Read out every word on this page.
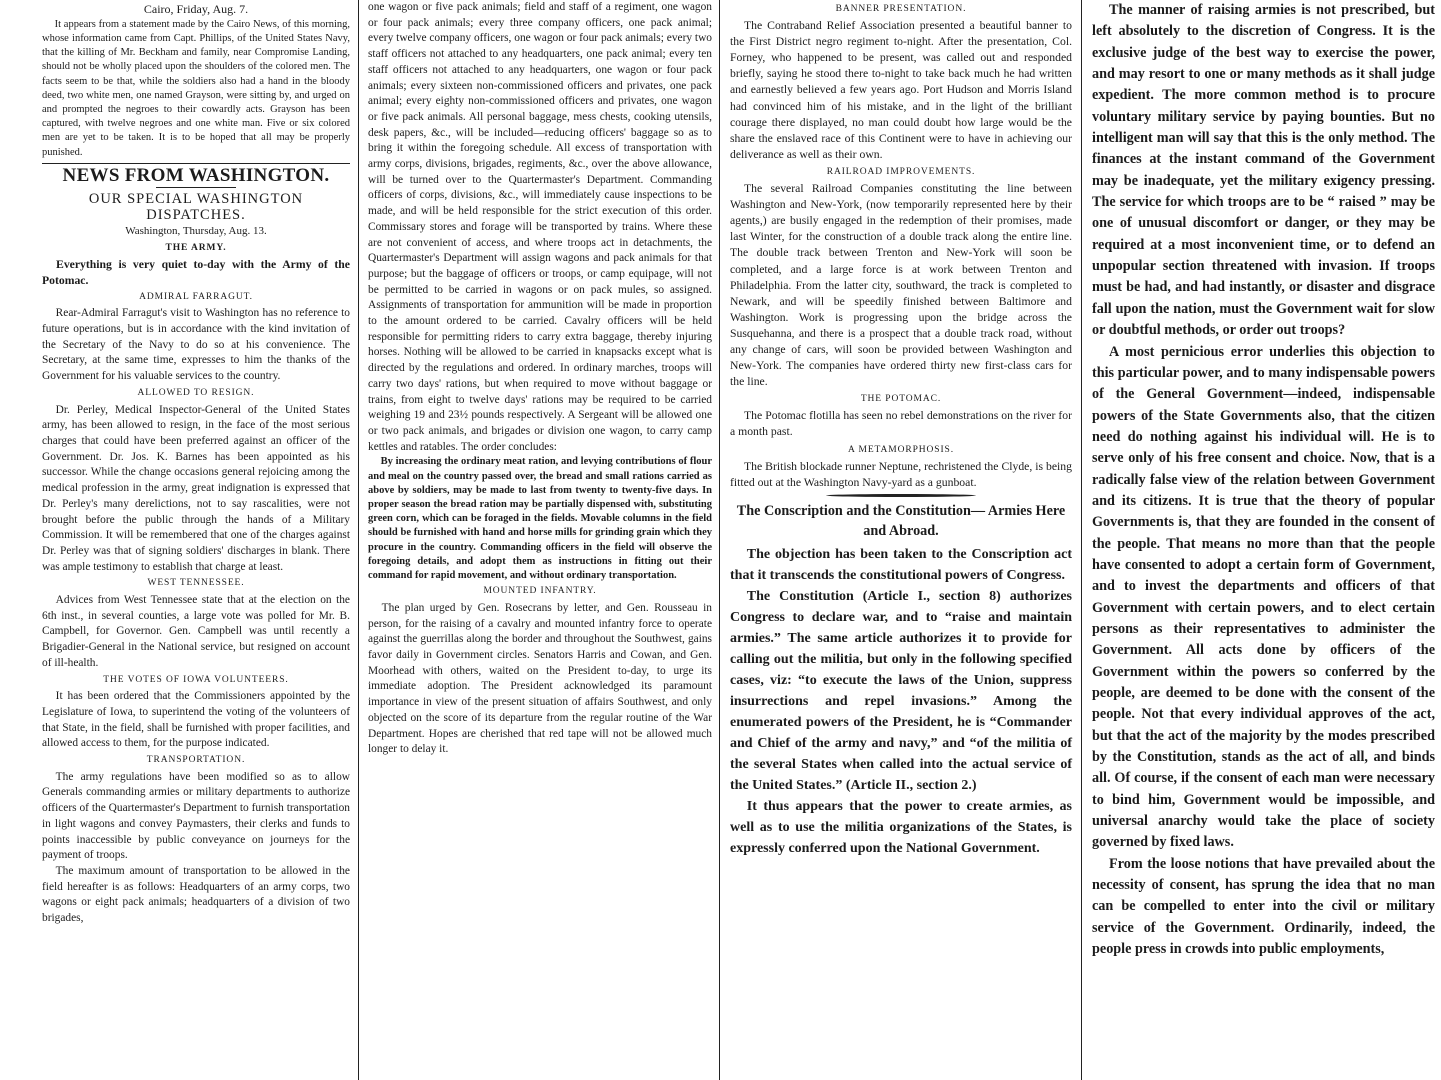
Cairo, Friday, Aug. 7.

It appears from a statement made by the Cairo News, of this morning, whose information came from Capt. Phillips, of the United States Navy, that the killing of Mr. Beckham and family, near Compromise Landing, should not be wholly placed upon the shoulders of the colored men. The facts seem to be that, while the soldiers also had a hand in the bloody deed, two white men, one named Grayson, were sitting by, and urged on and prompted the negroes to their cowardly acts. Grayson has been captured, with twelve negroes and one white man. Five or six colored men are yet to be taken. It is to be hoped that all may be properly punished.

NEWS FROM WASHINGTON.

OUR SPECIAL WASHINGTON DISPATCHES.

Washington, Thursday, Aug. 13.

THE ARMY.

Everything is very quiet to-day with the Army of the Potomac.

ADMIRAL FARRAGUT.

Rear-Admiral Farragut's visit to Washington has no reference to future operations, but is in accordance with the kind invitation of the Secretary of the Navy to do so at his convenience. The Secretary, at the same time, expresses to him the thanks of the Government for his valuable services to the country.

ALLOWED TO RESIGN.

Dr. Perley, Medical Inspector-General of the United States army, has been allowed to resign, in the face of the most serious charges that could have been preferred against an officer of the Government. Dr. Jos. K. Barnes has been appointed as his successor. While the change occasions general rejoicing among the medical profession in the army, great indignation is expressed that Dr. Perley's many derelictions, not to say rascalities, were not brought before the public through the hands of a Military Commission. It will be remembered that one of the charges against Dr. Perley was that of signing soldiers' discharges in blank. There was ample testimony to establish that charge at least.

WEST TENNESSEE.

Advices from West Tennessee state that at the election on the 6th inst., in several counties, a large vote was polled for Mr. B. Campbell, for Governor. Gen. Campbell was until recently a Brigadier-General in the National service, but resigned on account of ill-health.

THE VOTES OF IOWA VOLUNTEERS.

It has been ordered that the Commissioners appointed by the Legislature of Iowa, to superintend the voting of the volunteers of that State, in the field, shall be furnished with proper facilities, and allowed access to them, for the purpose indicated.

TRANSPORTATION.

The army regulations have been modified so as to allow Generals commanding armies or military departments to authorize officers of the Quartermaster's Department to furnish transportation in light wagons and convey Paymasters, their clerks and funds to points inaccessible by public conveyance on journeys for the payment of troops.

The maximum amount of transportation to be allowed in the field hereafter is as follows: Headquarters of an army corps, two wagons or eight pack animals; headquarters of a division of two brigades,

one wagon or five pack animals; field and staff of a regiment, one wagon or four pack animals; every three company officers, one pack animal; every twelve company officers, one wagon or four pack animals; every two staff officers not attached to any headquarters, one pack animal; every ten staff officers not attached to any headquarters, one wagon or four pack animals; every sixteen non-commissioned officers and privates, one pack animal; every eighty non-commissioned officers and privates, one wagon or five pack animals. All personal baggage, mess chests, cooking utensils, desk papers, &c., will be included—reducing officers' baggage so as to bring it within the foregoing schedule. All excess of transportation with army corps, divisions, brigades, regiments, &c., over the above allowance, will be turned over to the Quartermaster's Department. Commanding officers of corps, divisions, &c., will immediately cause inspections to be made, and will be held responsible for the strict execution of this order. Commissary stores and forage will be transported by trains. Where these are not convenient of access, and where troops act in detachments, the Quartermaster's Department will assign wagons and pack animals for that purpose; but the baggage of officers or troops, or camp equipage, will not be permitted to be carried in wagons or on pack mules, so assigned. Assignments of transportation for ammunition will be made in proportion to the amount ordered to be carried. Cavalry officers will be held responsible for permitting riders to carry extra baggage, thereby injuring horses. Nothing will be allowed to be carried in knapsacks except what is directed by the regulations and ordered. In ordinary marches, troops will carry two days' rations, but when required to move without baggage or trains, from eight to twelve days' rations may be required to be carried weighing 19 and 23½ pounds respectively. A Sergeant will be allowed one or two pack animals, and brigades or division one wagon, to carry camp kettles and ratables. The order concludes:

By increasing the ordinary meat ration, and levying contributions of flour and meal on the country passed over, the bread and small rations carried as above by soldiers, may be made to last from twenty to twenty-five days. In proper season the bread ration may be partially dispensed with, substituting green corn, which can be foraged in the fields. Movable columns in the field should be furnished with hand and horse mills for grinding grain which they procure in the country. Commanding officers in the field will observe the foregoing details, and adopt them as instructions in fitting out their command for rapid movement, and without ordinary transportation.

MOUNTED INFANTRY.

The plan urged by Gen. Rosecrans by letter, and Gen. Rousseau in person, for the raising of a cavalry and mounted infantry force to operate against the guerrillas along the border and throughout the Southwest, gains favor daily in Government circles. Senators Harris and Cowan, and Gen. Moorhead with others, waited on the President to-day, to urge its immediate adoption. The President acknowledged its paramount importance in view of the present situation of affairs Southwest, and only objected on the score of its departure from the regular routine of the War Department. Hopes are cherished that red tape will not be allowed much longer to delay it.

BANNER PRESENTATION.

The Contraband Relief Association presented a beautiful banner to the First District negro regiment to-night. After the presentation, Col. Forney, who happened to be present, was called out and responded briefly, saying he stood there to-night to take back much he had written and earnestly believed a few years ago. Port Hudson and Morris Island had convinced him of his mistake, and in the light of the brilliant courage there displayed, no man could doubt how large would be the share the enslaved race of this Continent were to have in achieving our deliverance as well as their own.

RAILROAD IMPROVEMENTS.

The several Railroad Companies constituting the line between Washington and New-York, (now temporarily represented here by their agents,) are busily engaged in the redemption of their promises, made last Winter, for the construction of a double track along the entire line. The double track between Trenton and New-York will soon be completed, and a large force is at work between Trenton and Philadelphia. From the latter city, southward, the track is completed to Newark, and will be speedily finished between Baltimore and Washington. Work is progressing upon the bridge across the Susquehanna, and there is a prospect that a double track road, without any change of cars, will soon be provided between Washington and New-York. The companies have ordered thirty new first-class cars for the line.

THE POTOMAC.

The Potomac flotilla has seen no rebel demonstrations on the river for a month past.

A METAMORPHOSIS.

The British blockade runner Neptune, rechristened the Clyde, is being fitted out at the Washington Navy-yard as a gunboat.

The Conscription and the Constitution— Armies Here and Abroad.

The objection has been taken to the Conscription act that it transcends the constitutional powers of Congress.

The Constitution (Article I., section 8) authorizes Congress to declare war, and to “raise and maintain armies.” The same article authorizes it to provide for calling out the militia, but only in the following specified cases, viz: “to execute the laws of the Union, suppress insurrections and repel invasions.” Among the enumerated powers of the President, he is “Commander and Chief of the army and navy,” and “of the militia of the several States when called into the actual service of the United States.” (Article II., section 2.)

It thus appears that the power to create armies, as well as to use the militia organizations of the States, is expressly conferred upon the National Government.

The manner of raising armies is not prescribed, but left absolutely to the discretion of Congress. It is the exclusive judge of the best way to exercise the power, and may resort to one or many methods as it shall judge expedient. The more common method is to procure voluntary military service by paying bounties. But no intelligent man will say that this is the only method. The finances at the instant command of the Government may be inadequate, yet the military exigency pressing. The service for which troops are to be “ raised ” may be one of unusual discomfort or danger, or they may be required at a most inconvenient time, or to defend an unpopular section threatened with invasion. If troops must be had, and had instantly, or disaster and disgrace fall upon the nation, must the Government wait for slow or doubtful methods, or order out troops?

A most pernicious error underlies this objection to this particular power, and to many indispensable powers of the General Government—indeed, indispensable powers of the State Governments also, that the citizen need do nothing against his individual will. He is to serve only of his free consent and choice. Now, that is a radically false view of the relation between Government and its citizens. It is true that the theory of popular Governments is, that they are founded in the consent of the people. That means no more than that the people have consented to adopt a certain form of Government, and to invest the departments and officers of that Government with certain powers, and to elect certain persons as their representatives to administer the Government. All acts done by officers of the Government within the powers so conferred by the people, are deemed to be done with the consent of the people. Not that every individual approves of the act, but that the act of the majority by the modes prescribed by the Constitution, stands as the act of all, and binds all. Of course, if the consent of each man were necessary to bind him, Government would be impossible, and universal anarchy would take the place of society governed by fixed laws.

From the loose notions that have prevailed about the necessity of consent, has sprung the idea that no man can be compelled to enter into the civil or military service of the Government. Ordinarily, indeed, the people press in crowds into public employments,
